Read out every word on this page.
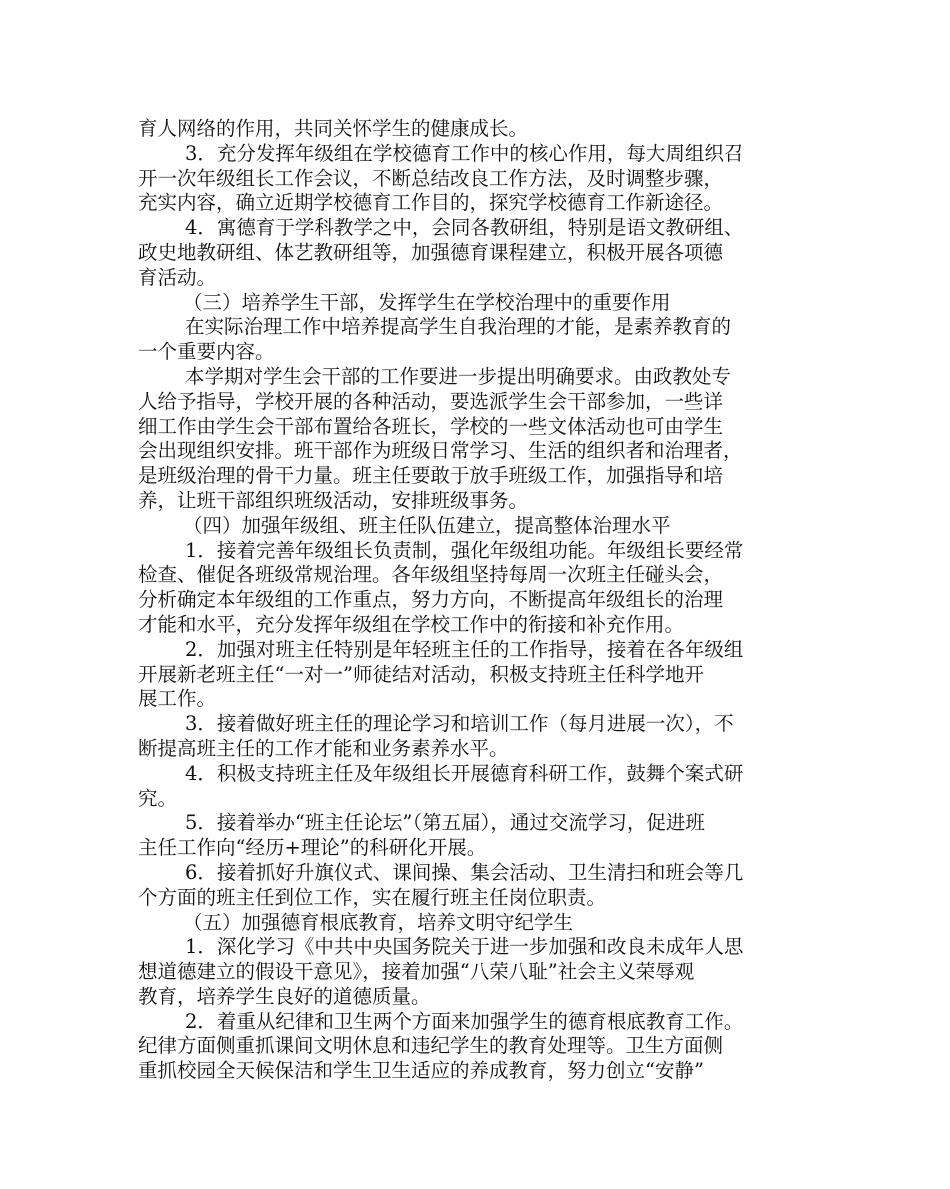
育人网络的作用，共同关怀学生的健康成长。
3．充分发挥年级组在学校德育工作中的核心作用，每大周组织召
开一次年级组长工作会议，不断总结改良工作方法，及时调整步骤，
充实内容，确立近期学校德育工作目的，探究学校德育工作新途径。
4．寓德育于学科教学之中，会同各教研组，特别是语文教研组、
政史地教研组、体艺教研组等，加强德育课程建立，积极开展各项德
育活动。
（三）培养学生干部，发挥学生在学校治理中的重要作用
在实际治理工作中培养提高学生自我治理的才能，是素养教育的
一个重要内容。
本学期对学生会干部的工作要进一步提出明确要求。由政教处专
人给予指导，学校开展的各种活动，要选派学生会干部参加，一些详
细工作由学生会干部布置给各班长，学校的一些文体活动也可由学生
会出现组织安排。班干部作为班级日常学习、生活的组织者和治理者，
是班级治理的骨干力量。班主任要敢于放手班级工作，加强指导和培
养，让班干部组织班级活动，安排班级事务。
（四）加强年级组、班主任队伍建立，提高整体治理水平
1．接着完善年级组长负责制，强化年级组功能。年级组长要经常
检查、催促各班级常规治理。各年级组坚持每周一次班主任碰头会，
分析确定本年级组的工作重点，努力方向，不断提高年级组长的治理
才能和水平，充分发挥年级组在学校工作中的衔接和补充作用。
2．加强对班主任特别是年轻班主任的工作指导，接着在各年级组
开展新老班主任“一对一”师徒结对活动，积极支持班主任科学地开
展工作。
3．接着做好班主任的理论学习和培训工作（每月进展一次），不
断提高班主任的工作才能和业务素养水平。
4．积极支持班主任及年级组长开展德育科研工作，鼓舞个案式研
究。
5．接着举办“班主任论坛”（第五届），通过交流学习，促进班
主任工作向“经历+理论”的科研化开展。
6．接着抓好升旗仪式、课间操、集会活动、卫生清扫和班会等几
个方面的班主任到位工作，实在履行班主任岗位职责。
（五）加强德育根底教育，培养文明守纪学生
1．深化学习《中共中央国务院关于进一步加强和改良未成年人思
想道德建立的假设干意见》，接着加强“八荣八耻”社会主义荣辱观
教育，培养学生良好的道德质量。
2．着重从纪律和卫生两个方面来加强学生的德育根底教育工作。
纪律方面侧重抓课间文明休息和违纪学生的教育处理等。卫生方面侧
重抓校园全天候保洁和学生卫生适应的养成教育，努力创立“安静”
